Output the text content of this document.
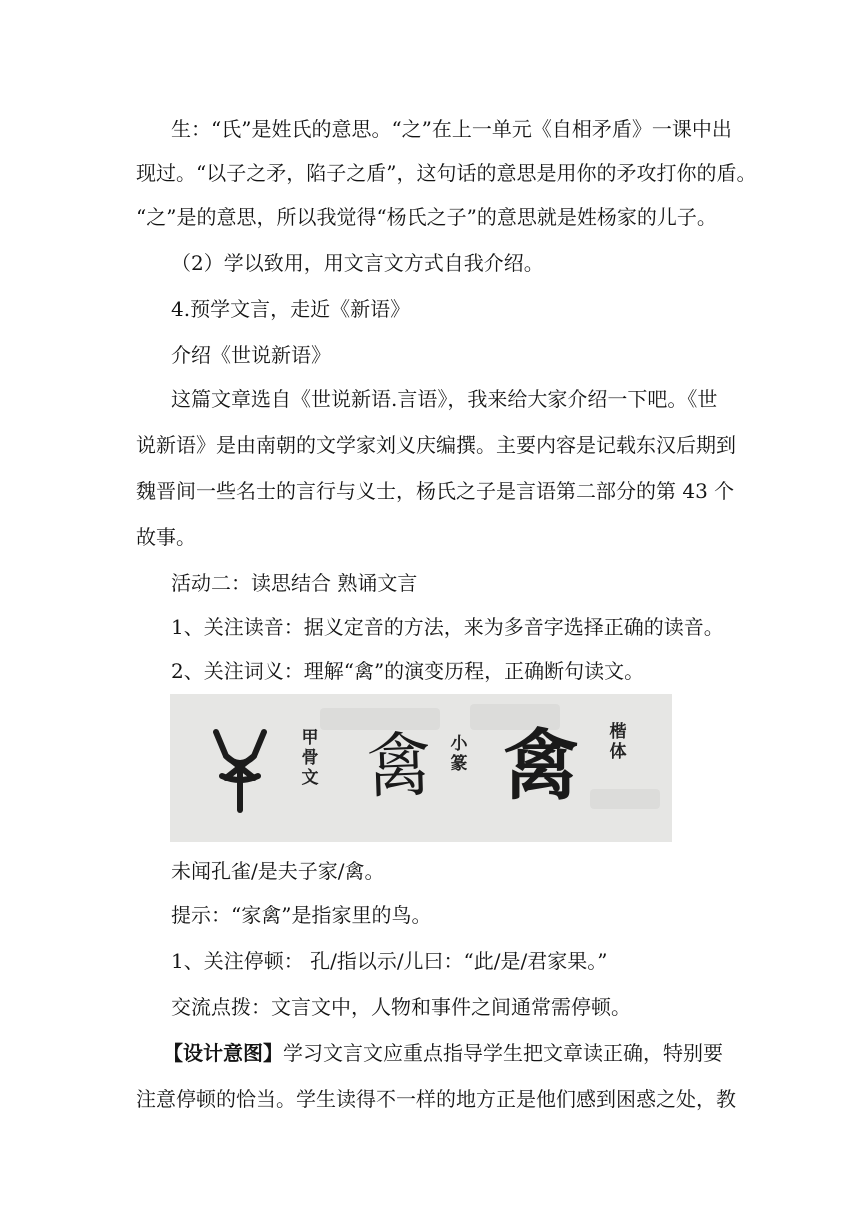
生：“氏”是姓氏的意思。“之”在上一单元《自相矛盾》一课中出
现过。“以子之矛，陷子之盾”，这句话的意思是用你的矛攻打你的盾。
“之”是的意思，所以我觉得“杨氏之子”的意思就是姓杨家的儿子。
（2）学以致用，用文言文方式自我介绍。
4.预学文言，走近《新语》
介绍《世说新语》
这篇文章选自《世说新语.言语》，我来给大家介绍一下吧。《世
说新语》是由南朝的文学家刘义庆编撰。主要内容是记载东汉后期到
魏晋间一些名士的言行与义士，杨氏之子是言语第二部分的第 43 个
故事。
活动二：读思结合 熟诵文言
1、关注读音：据义定音的方法，来为多音字选择正确的读音。
2、关注词义：理解“禽”的演变历程，正确断句读文。
甲骨文 禽 小篆 禽 楷体
未闻孔雀/是夫子家/禽。
提示：“家禽”是指家里的鸟。
1、关注停顿： 孔/指以示/儿曰：“此/是/君家果。”
交流点拨：文言文中，人物和事件之间通常需停顿。
【设计意图】学习文言文应重点指导学生把文章读正确，特别要
注意停顿的恰当。学生读得不一样的地方正是他们感到困惑之处，教
